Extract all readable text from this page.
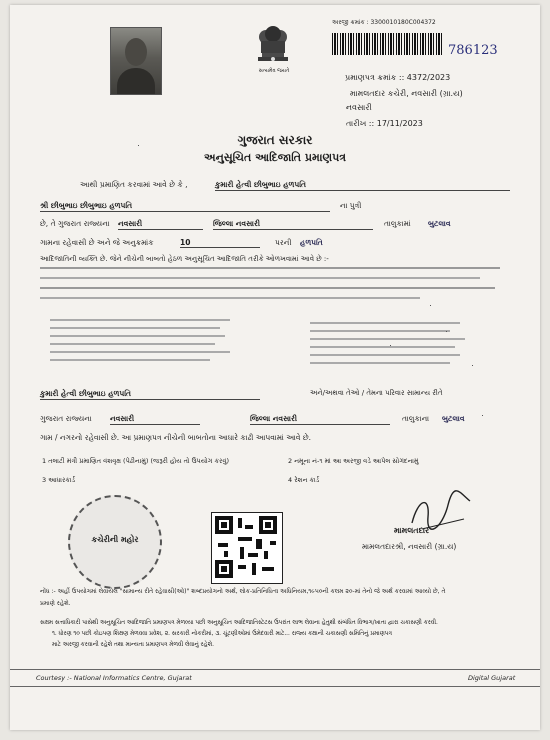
સત્યમેવ જયતે
અરજી ક્રમાંક : 3300010180C004372
786123
પ્રમાણપત્ર ક્રમાંક :: 4372/2023
મામલતદાર કચેરી, નવસારી (ગ્રા.ય)
નવસારી
તારીખ :: 17/11/2023
ગુજરાત સરકાર
અનુસૂચિત આદિજાતિ પ્રમાણપત્ર
આથી પ્રમાણિત કરવામાં આવે છે કે ,	કુમારી હેત્વી છીબુભાઇ હળપતિ
શ્રી છીબુભાઇ છીબુભાઇ હળપતિ	ના પુત્રી
છે, તે ગુજરાત રાજ્યના નવસારી	જિલ્લા નવસારી	તાલુકામાં બુટલાવ
ગામના રહેવાસી છે અને જે અનુક્રમાંક	10	પરની હળપતિ
આદિજાતિની વ્યક્તિ છે. જેને નીચેની બાબતો હેઠળ અનુસૂચિત આદિજાતિ તરીકે ઓળખવામાં આવે છે :-
કુમારી હેત્વી છીબુભાઇ હળપતિ	અને/અથવા તેઓ / તેમના પરિવાર સામાન્ય રીતે
ગુજરાત રાજ્યના નવસારી	જિલ્લા નવસારી	તાલુકાના બુટલાવ
ગામ / નગરનો રહેવાસી છે. આ પ્રમાણપત્ર નીચેની બાબતોના આધારે કાઢી આપવામાં આવે છે.
1 તલાટી મંત્રી પ્રમાણિત વંશવૃક્ષ (પેઢીનામું) (જરૂરી હોય તો ઉપયોગ કરવું)	2 નમૂના નં-૧ માં આ અરજી વડે આપેલ સોગંદનામું
3 આધારકાર્ડ	4 રેશન કાર્ડ
કચેરીની મહોર
મામલતદાર
મામલતદારશ્રી, નવસારી (ગ્રા.ય)
નોંધ :- અહીં ઉપયોગમાં લેવાયેલ "સામાન્ય રીતે રહેવાસી(ઓ)" શબ્દપ્રયોગનો અર્થ, લોક-પ્રતિનિધિત્વ અધિનિયમ,૧૯૫૦ની કલમ ૨૦-માં તેનો જે અર્થ કરવામાં આવ્યો છે, તે
પ્રમાણે રહેશે.
સક્ષમ સત્તાધિકારી પાસેથી અનુસૂચિત આદિજાતિ પ્રમાણપત્ર મેળવ્યા પછી અનુસૂચિત આદિજાતિસ્ટેટસ ઉપરાંત લાભ લેવાના હેતુથી સંબંધિત વિભાગ/ખાતા દ્વારા ચકાસણી કરવી.
૧. ધોરણ ૧૦ પછી કોઇપણ શિક્ષણ મેળવવા પ્રવેશ, ૨. સરકારી નોકરીમાં, ૩. ચૂંટણીઓમાં ઉમેદવારી માટે... રાજ્ય કક્ષાની ચકાસણી સમિતિનું પ્રમાણપત્ર
માટે અરજી કરવાની રહેશે તથા માન્યતા પ્રમાણપત્ર મેળવી લેવાનું રહેશે.
Courtesy :- National Informatics Centre, Gujarat	Digital Gujarat
